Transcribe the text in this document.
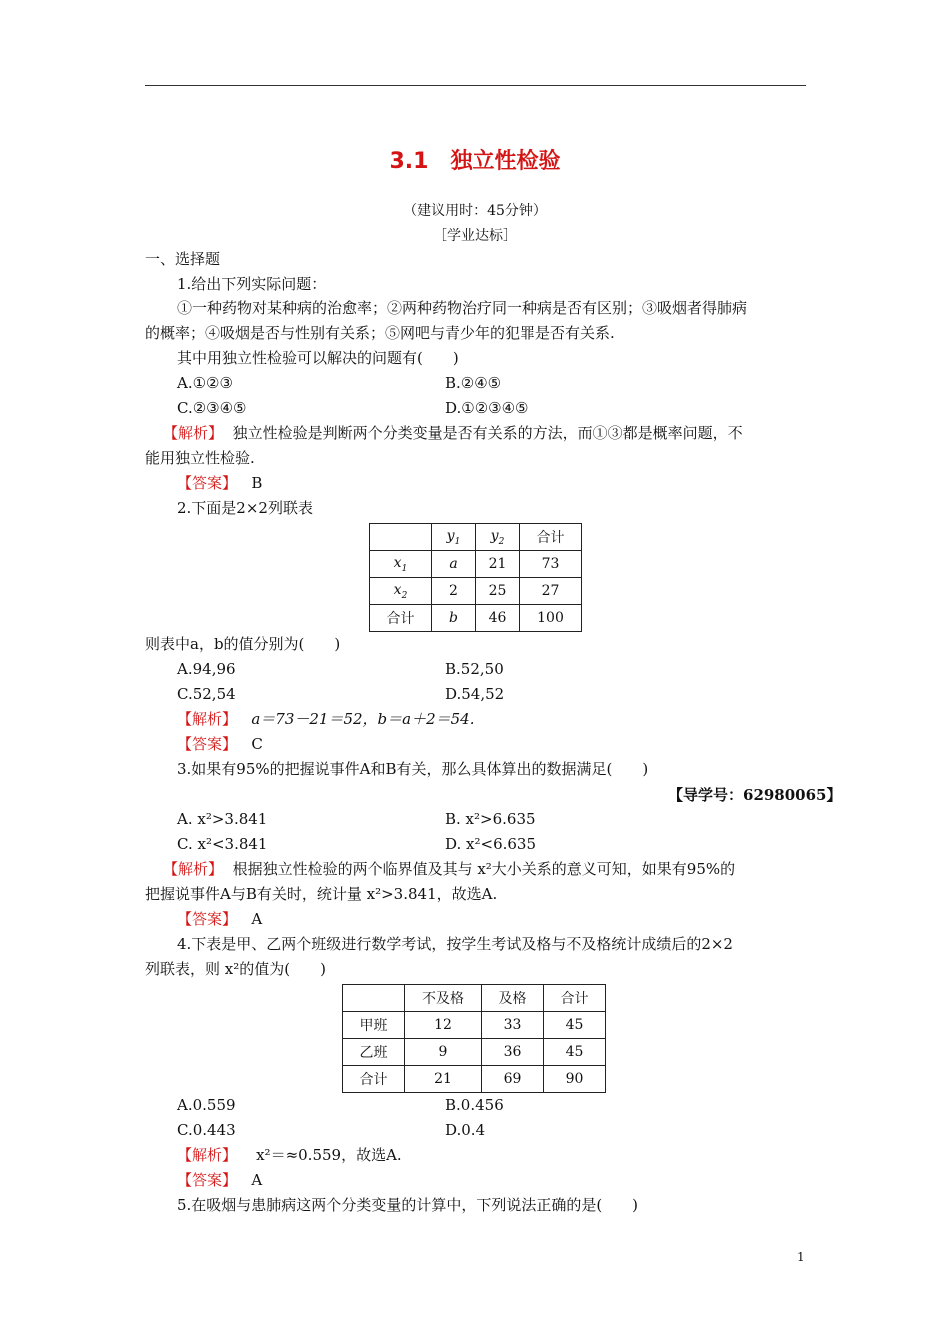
3.1　独立性检验
（建议用时：45分钟）
［学业达标］
一、选择题
1.给出下列实际问题：
①一种药物对某种病的治愈率；②两种药物治疗同一种病是否有区别；③吸烟者得肺病
的概率；④吸烟是否与性别有关系；⑤网吧与青少年的犯罪是否有关系.
其中用独立性检验可以解决的问题有(　　)
A.①②③	B.②④⑤
C.②③④⑤	D.①②③④⑤
【解析】 独立性检验是判断两个分类变量是否有关系的方法，而①③都是概率问题，不
能用独立性检验.
【答案】 B
2.下面是2×2列联表
	$y_1$	$y_2$	合计
$x_1$	a	21	73
$x_2$	2	25	27
合计	b	46	100
则表中a，b的值分别为(　　)
A.94,96	B.52,50
C.52,54	D.54,52
【解析】 a＝73－21＝52，b＝a＋2＝54.
【答案】 C
3.如果有95%的把握说事件A和B有关，那么具体算出的数据满足(　　)
【导学号：62980065】
A. x²>3.841	B. x²>6.635
C. x²<3.841	D. x²<6.635
【解析】 根据独立性检验的两个临界值及其与 x²大小关系的意义可知，如果有95%的
把握说事件A与B有关时，统计量 x²>3.841，故选A.
【答案】 A
4.下表是甲、乙两个班级进行数学考试，按学生考试及格与不及格统计成绩后的2×2
列联表，则 x²的值为(　　)
	不及格	及格	合计
甲班	12	33	45
乙班	9	36	45
合计	21	69	90
A.0.559	B.0.456
C.0.443	D.0.4
【解析】 x²＝≈0.559，故选A.
【答案】 A
5.在吸烟与患肺病这两个分类变量的计算中，下列说法正确的是(　　)
1
